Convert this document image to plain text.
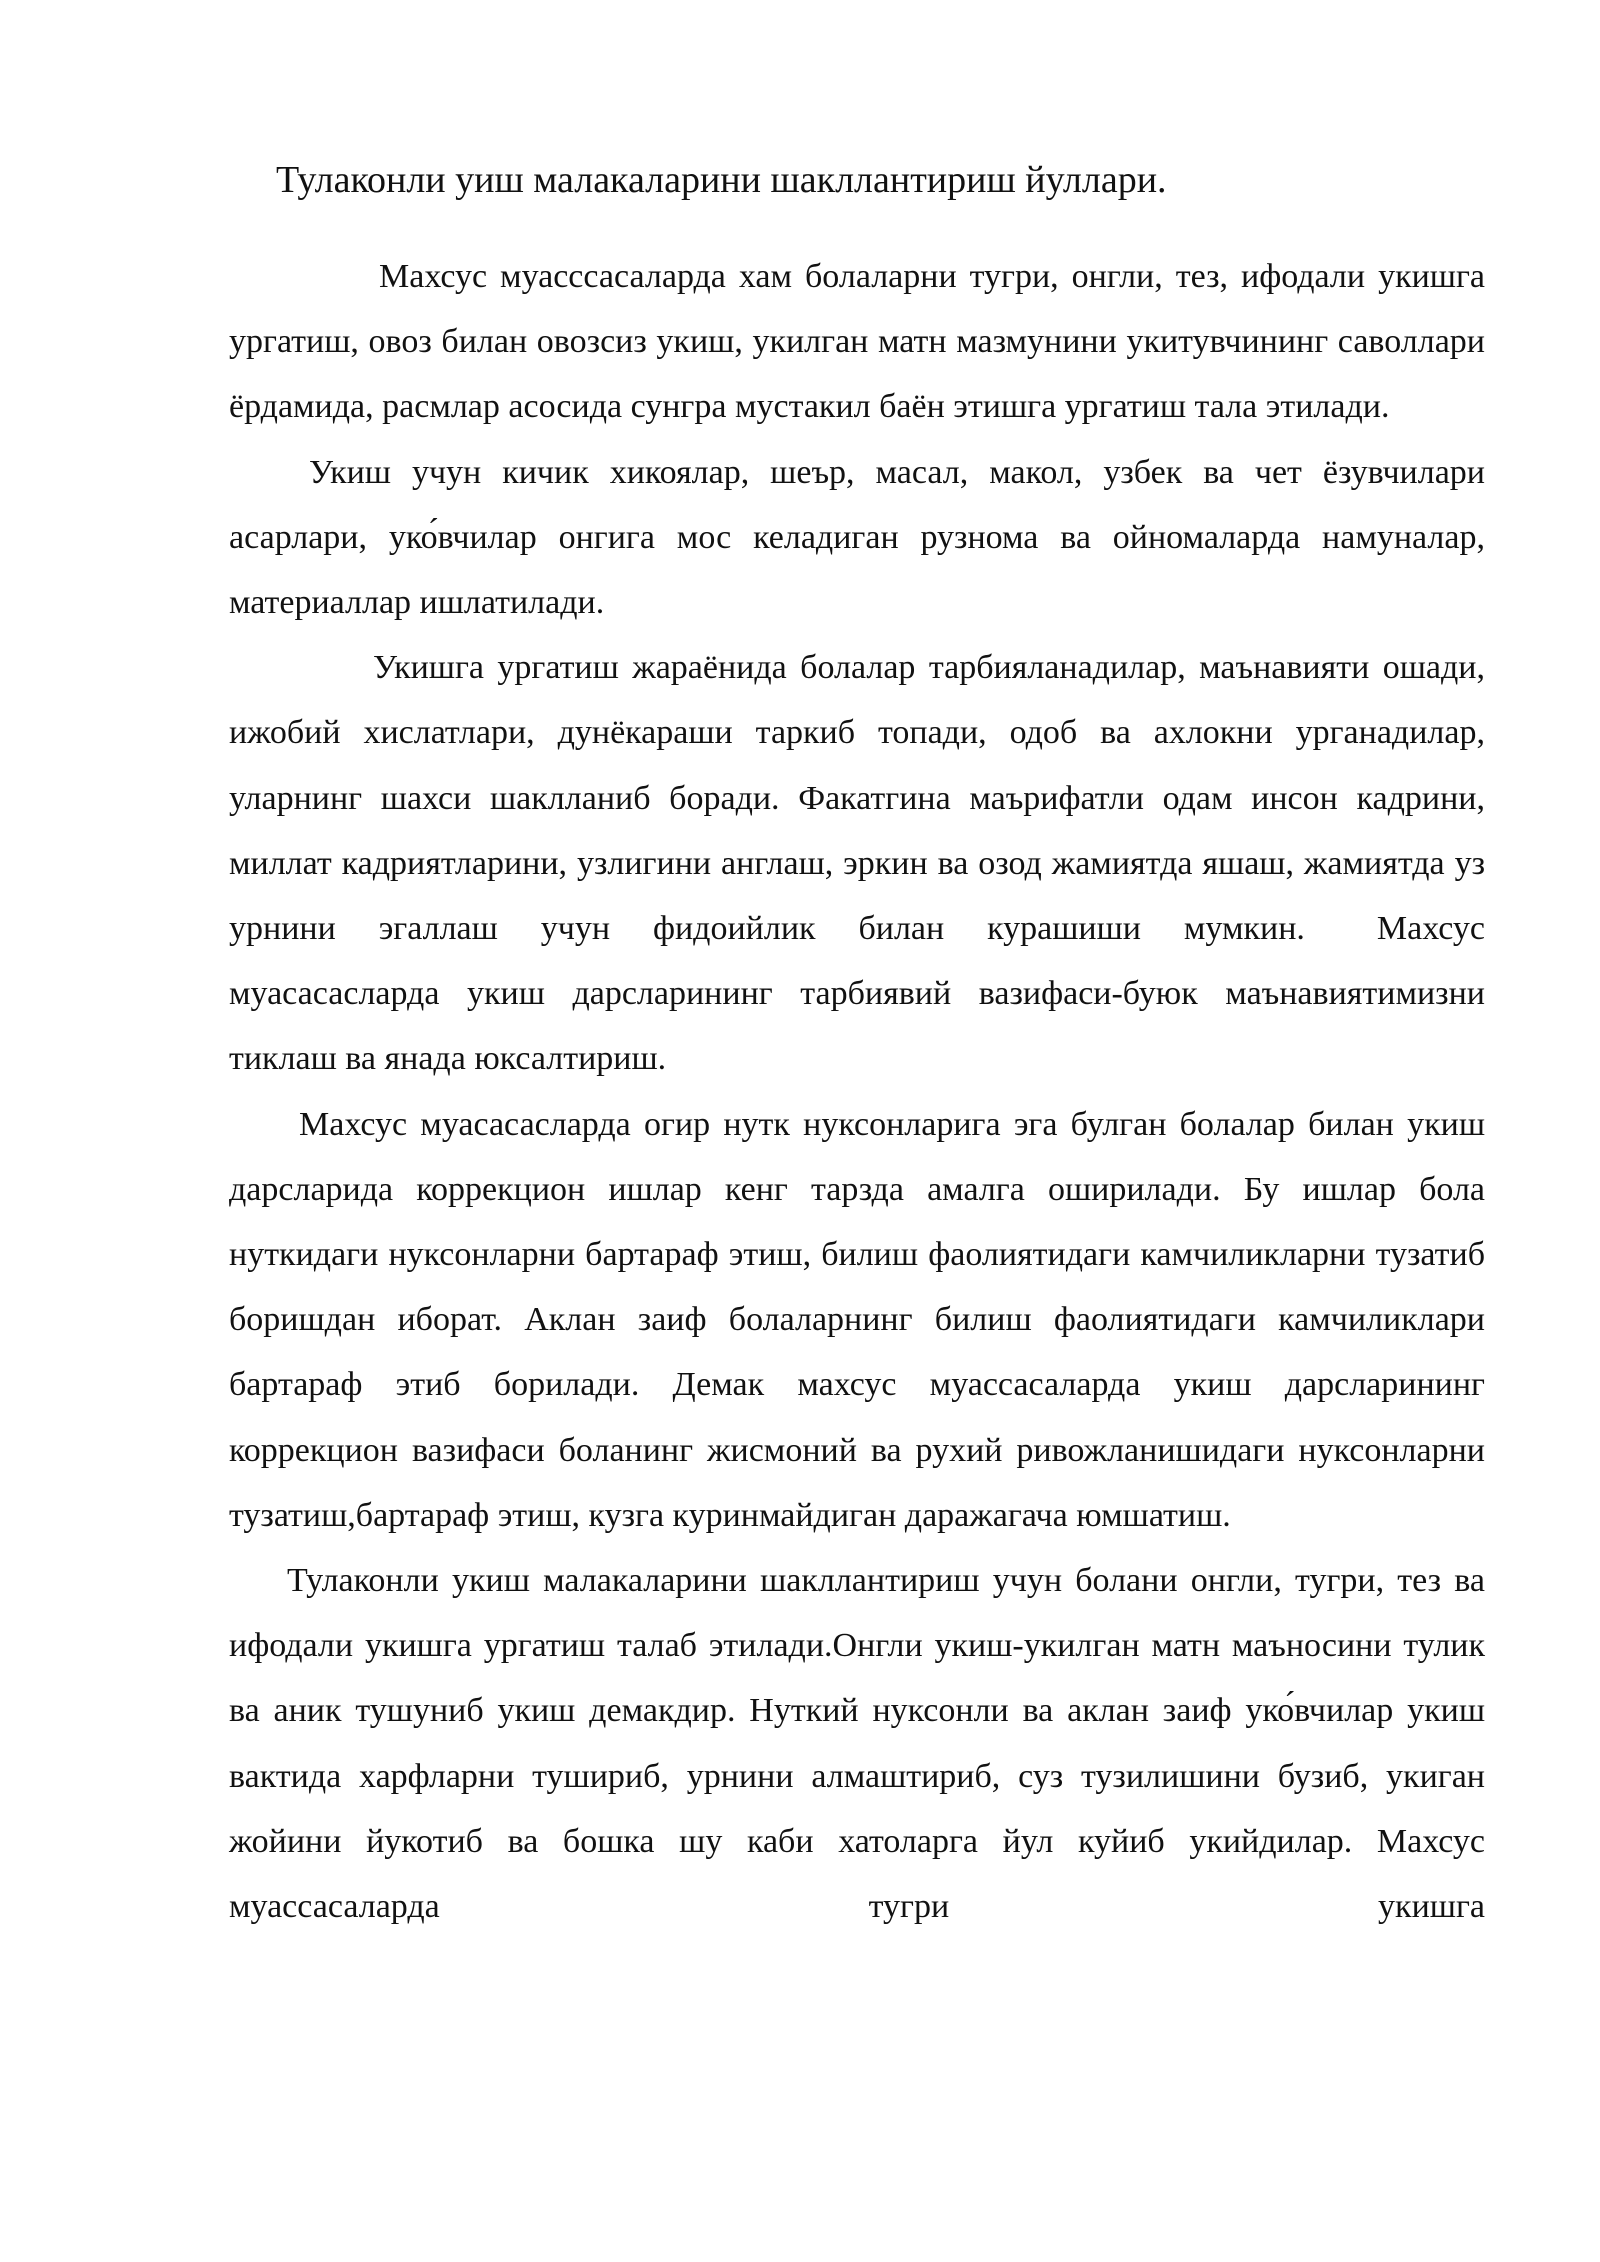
Тулаконли уиш малакаларини шакллантириш йуллари.

Махсус муасссасаларда хам болаларни тугри, онгли, тез, ифодали укишга ургатиш, овоз билан овозсиз укиш, укилган матн мазмунини укитувчининг саволлари ёрдамида, расмлар асосида сунгра мустакил баён этишга ургатиш тала этилади.

Укиш учун кичик хикоялар, шеър, масал, макол, узбек ва чет ёзувчилари асарлари, уко́вчилар онгига мос келадиган рузнома ва ойномаларда намуналар, материаллар ишлатилади.

Укишга ургатиш жараёнида болалар тарбияланадилар, маънавияти ошади, ижобий хислатлари, дунёкараши таркиб топади, одоб ва ахлокни урганадилар, уларнинг шахси шаклланиб боради. Факатгина маърифатли одам инсон кадрини, миллат кадриятларини, узлигини англаш, эркин ва озод жамиятда яшаш, жамиятда уз урнини эгаллаш учун фидоийлик билан курашиши мумкин. Махсус муасасасларда укиш дарсларининг тарбиявий вазифаси-буюк маънавиятимизни тиклаш ва янада юксалтириш.

Махсус муасасасларда огир нутк нуксонларига эга булган болалар билан укиш дарсларида коррекцион ишлар кенг тарзда амалга оширилади. Бу ишлар бола нуткидаги нуксонларни бартараф этиш, билиш фаолиятидаги камчиликларни тузатиб боришдан иборат. Аклан заиф болаларнинг билиш фаолиятидаги камчиликлари бартараф этиб борилади. Демак махсус муассасаларда укиш дарсларининг коррекцион вазифаси боланинг жисмоний ва рухий ривожланишидаги нуксонларни тузатиш,бартараф этиш, кузга куринмайдиган даражагача юмшатиш.

Тулаконли укиш малакаларини шакллантириш учун болани онгли, тугри, тез ва ифодали укишга ургатиш талаб этилади.Онгли укиш-укилган матн маъносини тулик ва аник тушуниб укиш демакдир. Нуткий нуксонли ва аклан заиф уко́вчилар укиш вактида харфларни тушириб, урнини алмаштириб, суз тузилишини бузиб, укиган жойини йукотиб ва бошка шу каби хатоларга йул куйиб укийдилар. Махсус муассасаларда тугри укишга
